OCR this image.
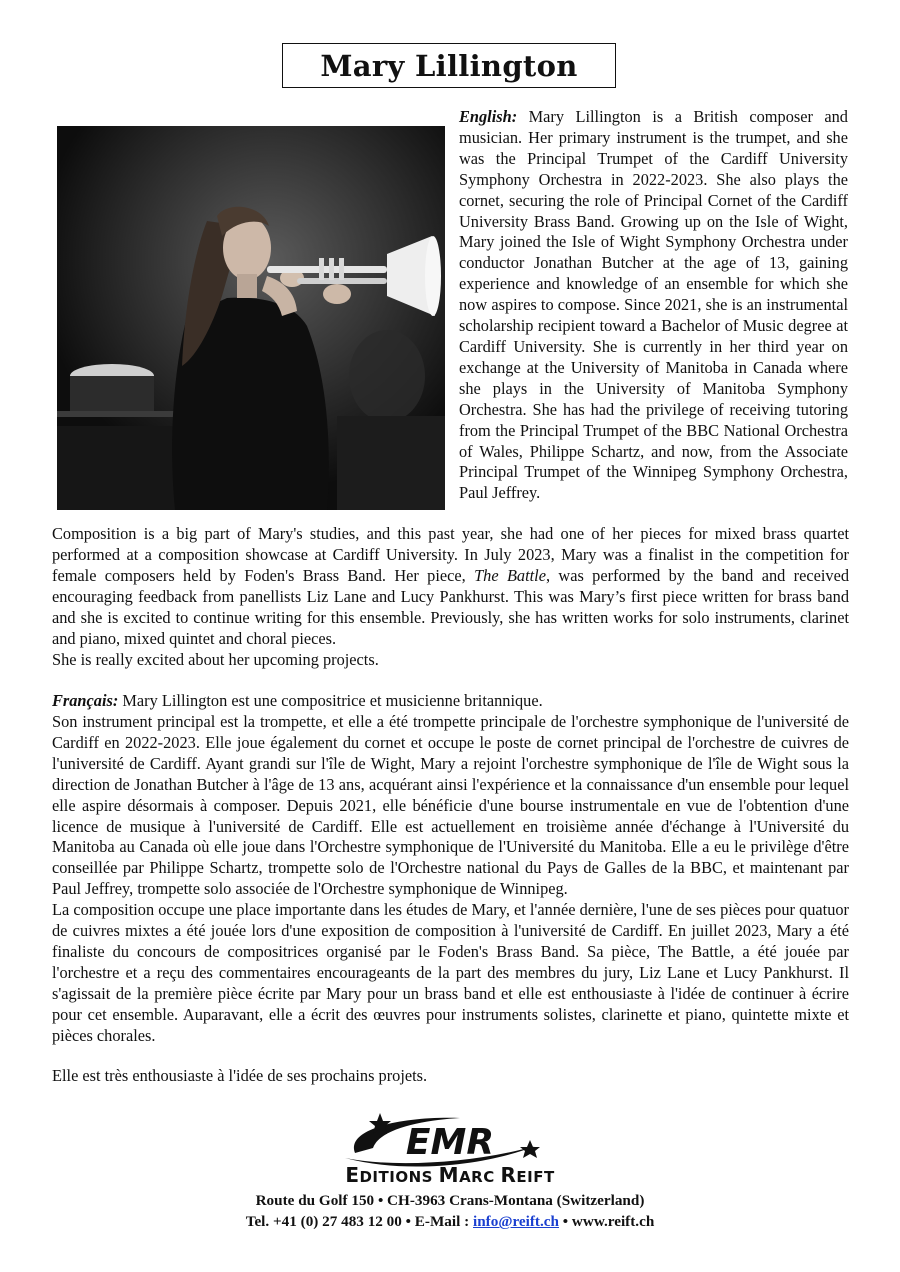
Mary Lillington

English: Mary Lillington is a British composer and musician. Her primary instrument is the trumpet, and she was the Principal Trumpet of the Cardiff University Symphony Orchestra in 2022-2023. She also plays the cornet, securing the role of Principal Cornet of the Cardiff University Brass Band. Growing up on the Isle of Wight, Mary joined the Isle of Wight Symphony Orchestra under conductor Jonathan Butcher at the age of 13, gaining experience and knowledge of an ensemble for which she now aspires to compose. Since 2021, she is an instrumental scholarship recipient toward a Bachelor of Music degree at Cardiff University. She is currently in her third year on exchange at the University of Manitoba in Canada where she plays in the University of Manitoba Symphony Orchestra. She has had the privilege of receiving tutoring from the Principal Trumpet of the BBC National Orchestra of Wales, Philippe Schartz, and now, from the Associate Principal Trumpet of the Winnipeg Symphony Orchestra, Paul Jeffrey.

Composition is a big part of Mary's studies, and this past year, she had one of her pieces for mixed brass quartet performed at a composition showcase at Cardiff University. In July 2023, Mary was a finalist in the competition for female composers held by Foden's Brass Band. Her piece, The Battle, was performed by the band and received encouraging feedback from panellists Liz Lane and Lucy Pankhurst. This was Mary’s first piece written for brass band and she is excited to continue writing for this ensemble. Previously, she has written works for solo instruments, clarinet and piano, mixed quintet and choral pieces.

She is really excited about her upcoming projects.

Français: Mary Lillington est une compositrice et musicienne britannique.

Son instrument principal est la trompette, et elle a été trompette principale de l'orchestre symphonique de l'université de Cardiff en 2022-2023. Elle joue également du cornet et occupe le poste de cornet principal de l'orchestre de cuivres de l'université de Cardiff. Ayant grandi sur l'île de Wight, Mary a rejoint l'orchestre symphonique de l'île de Wight sous la direction de Jonathan Butcher à l'âge de 13 ans, acquérant ainsi l'expérience et la connaissance d'un ensemble pour lequel elle aspire désormais à composer. Depuis 2021, elle bénéficie d'une bourse instrumentale en vue de l'obtention d'une licence de musique à l'université de Cardiff. Elle est actuellement en troisième année d'échange à l'Université du Manitoba au Canada où elle joue dans l'Orchestre symphonique de l'Université du Manitoba. Elle a eu le privilège d'être conseillée par Philippe Schartz, trompette solo de l'Orchestre national du Pays de Galles de la BBC, et maintenant par Paul Jeffrey, trompette solo associée de l'Orchestre symphonique de Winnipeg.

La composition occupe une place importante dans les études de Mary, et l'année dernière, l'une de ses pièces pour quatuor de cuivres mixtes a été jouée lors d'une exposition de composition à l'université de Cardiff. En juillet 2023, Mary a été finaliste du concours de compositrices organisé par le Foden's Brass Band. Sa pièce, The Battle, a été jouée par l'orchestre et a reçu des commentaires encourageants de la part des membres du jury, Liz Lane et Lucy Pankhurst. Il s'agissait de la première pièce écrite par Mary pour un brass band et elle est enthousiaste à l'idée de continuer à écrire pour cet ensemble. Auparavant, elle a écrit des œuvres pour instruments solistes, clarinette et piano, quintette mixte et pièces chorales.

Elle est très enthousiaste à l'idée de ses prochains projets.

EMR
EDITIONS MARC REIFT
Route du Golf 150 • CH-3963 Crans-Montana (Switzerland)
Tel. +41 (0) 27 483 12 00 • E-Mail : info@reift.ch • www.reift.ch
